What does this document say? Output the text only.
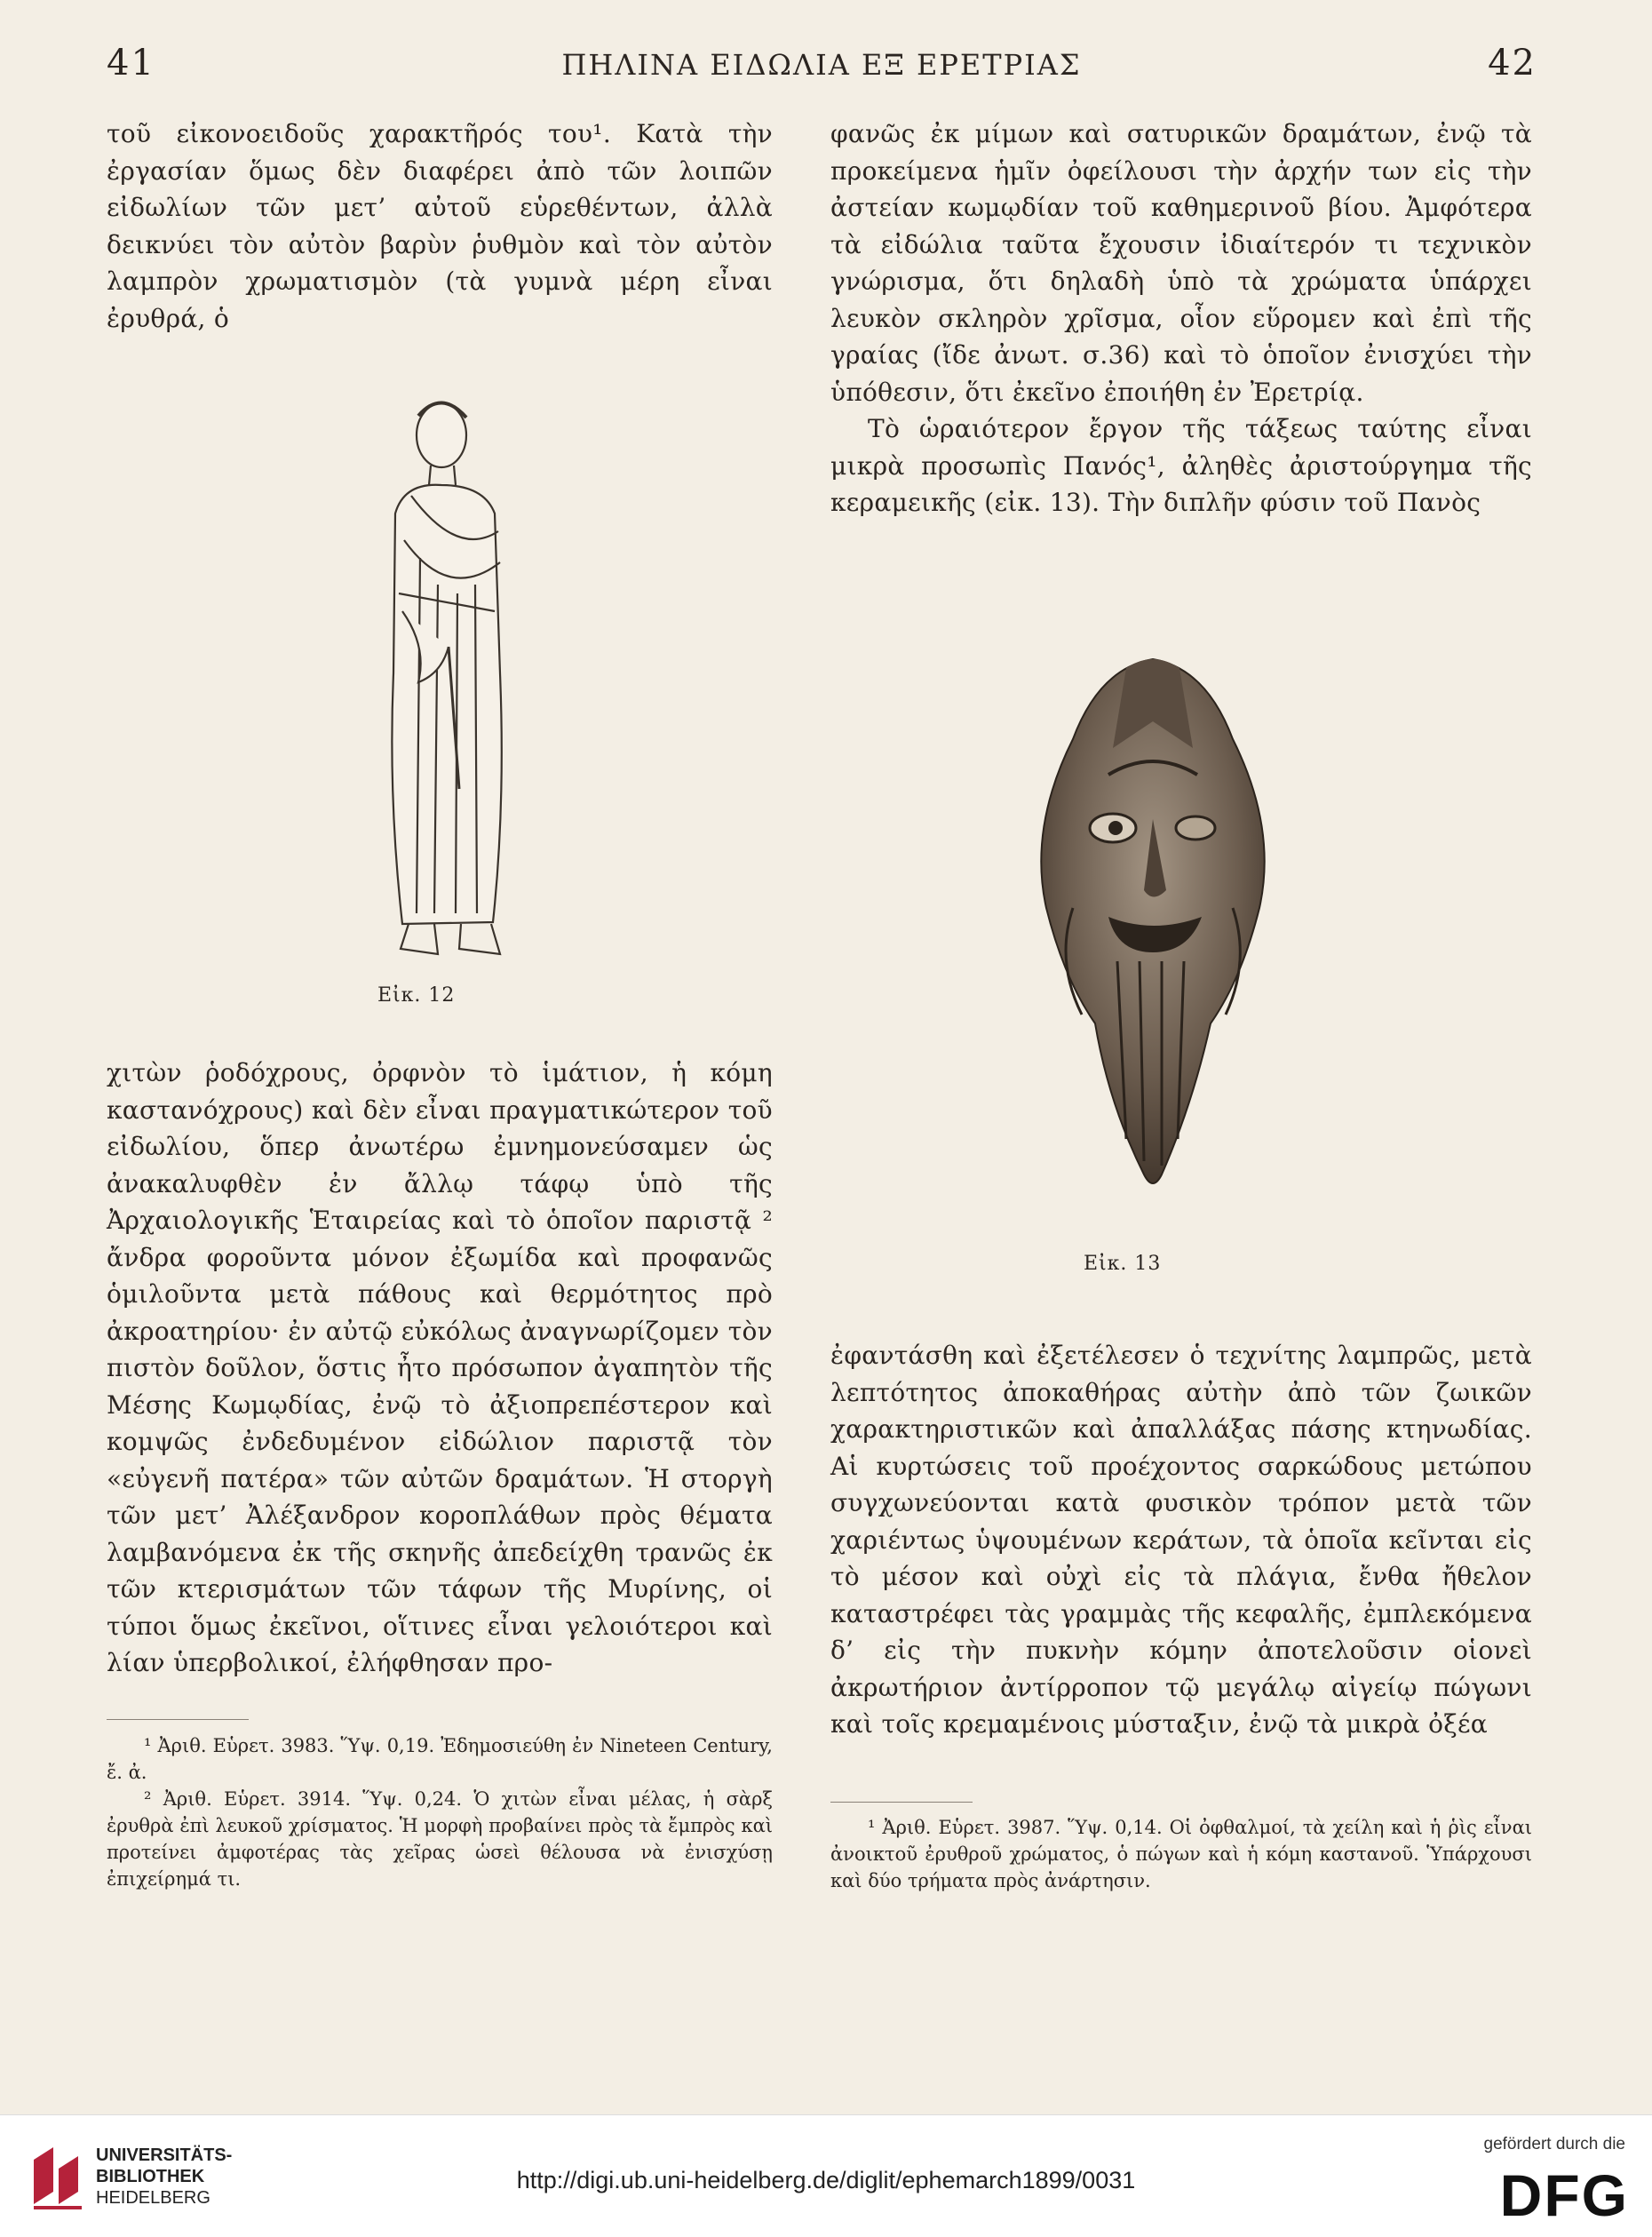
41	ΠΗΛΙΝΑ ΕΙΔΩΛΙΑ ΕΞ ΕΡΕΤΡΙΑΣ	42

τοῦ εἰκονοειδοῦς χαρακτῆρός του¹. Κατὰ τὴν ἐργασίαν ὅμως δὲν διαφέρει ἀπὸ τῶν λοιπῶν εἰδωλίων τῶν μετ’ αὐτοῦ εὑρεθέντων, ἀλλὰ δεικνύει τὸν αὐτὸν βαρὺν ῥυθμὸν καὶ τὸν αὐτὸν λαμπρὸν χρωματισμὸν (τὰ γυμνὰ μέρη εἶναι ἐρυθρά, ὁ

Εἰκ. 12

χιτὼν ῥοδόχρους, ὀρφνὸν τὸ ἱμάτιον, ἡ κόμη καστανόχρους) καὶ δὲν εἶναι πραγματικώτερον τοῦ εἰδωλίου, ὅπερ ἀνωτέρω ἐμνημονεύσαμεν ὡς ἀνακαλυφθὲν ἐν ἄλλῳ τάφῳ ὑπὸ τῆς Ἀρχαιολογικῆς Ἑταιρείας καὶ τὸ ὁποῖον παριστᾷ ² ἄνδρα φοροῦντα μόνον ἐξωμίδα καὶ προφανῶς ὁμιλοῦντα μετὰ πάθους καὶ θερμότητος πρὸ ἀκροατηρίου· ἐν αὐτῷ εὐκόλως ἀναγνωρίζομεν τὸν πιστὸν δοῦλον, ὅστις ἦτο πρόσωπον ἀγαπητὸν τῆς Μέσης Κωμῳδίας, ἐνῷ τὸ ἀξιοπρεπέστερον καὶ κομψῶς ἐνδεδυμένον εἰδώλιον παριστᾷ τὸν «εὐγενῆ πατέρα» τῶν αὐτῶν δραμάτων. Ἡ στοργὴ τῶν μετ’ Ἀλέξανδρον κοροπλάθων πρὸς θέματα λαμβανόμενα ἐκ τῆς σκηνῆς ἀπεδείχθη τρανῶς ἐκ τῶν κτερισμάτων τῶν τάφων τῆς Μυρίνης, οἱ τύποι ὅμως ἐκεῖνοι, οἵτινες εἶναι γελοιότεροι καὶ λίαν ὑπερβολικοί, ἐλήφθησαν προ-

¹ Ἀριθ. Εὑρετ. 3983. Ὕψ. 0,19. Ἐδημοσιεύθη ἐν Nineteen Century, ἔ. ἀ.

² Ἀριθ. Εὑρετ. 3914. Ὕψ. 0,24. Ὁ χιτὼν εἶναι μέλας, ἡ σὰρξ ἐρυθρὰ ἐπὶ λευκοῦ χρίσματος. Ἡ μορφὴ προβαίνει πρὸς τὰ ἔμπρὸς καὶ προτείνει ἀμφοτέρας τὰς χεῖρας ὡσεὶ θέλουσα νὰ ἐνισχύσῃ ἐπιχείρημά τι.

φανῶς ἐκ μίμων καὶ σατυρικῶν δραμάτων, ἐνῷ τὰ προκείμενα ἡμῖν ὀφείλουσι τὴν ἀρχήν των εἰς τὴν ἀστείαν κωμῳδίαν τοῦ καθημερινοῦ βίου. Ἀμφότερα τὰ εἰδώλια ταῦτα ἔχουσιν ἰδιαίτερόν τι τεχνικὸν γνώρισμα, ὅτι δηλαδὴ ὑπὸ τὰ χρώματα ὑπάρχει λευκὸν σκληρὸν χρῖσμα, οἷον εὕρομεν καὶ ἐπὶ τῆς γραίας (ἴδε ἀνωτ. σ.36) καὶ τὸ ὁποῖον ἐνισχύει τὴν ὑπόθεσιν, ὅτι ἐκεῖνο ἐποιήθη ἐν Ἐρετρίᾳ.

Τὸ ὡραιότερον ἔργον τῆς τάξεως ταύτης εἶναι μικρὰ προσωπὶς Πανός¹, ἀληθὲς ἀριστούργημα τῆς κεραμεικῆς (εἰκ. 13). Τὴν διπλῆν φύσιν τοῦ Πανὸς

Εἰκ. 13

ἐφαντάσθη καὶ ἐξετέλεσεν ὁ τεχνίτης λαμπρῶς, μετὰ λεπτότητος ἀποκαθήρας αὐτὴν ἀπὸ τῶν ζωικῶν χαρακτηριστικῶν καὶ ἀπαλλάξας πάσης κτηνωδίας. Αἱ κυρτώσεις τοῦ προέχοντος σαρκώδους μετώπου συγχωνεύονται κατὰ φυσικὸν τρόπον μετὰ τῶν χαριέντως ὑψουμένων κεράτων, τὰ ὁποῖα κεῖνται εἰς τὸ μέσον καὶ οὐχὶ εἰς τὰ πλάγια, ἔνθα ἤθελον καταστρέφει τὰς γραμμὰς τῆς κεφαλῆς, ἐμπλεκόμενα δ’ εἰς τὴν πυκνὴν κόμην ἀποτελοῦσιν οἱονεὶ ἀκρωτήριον ἀντίρροπον τῷ μεγάλῳ αἰγείῳ πώγωνι καὶ τοῖς κρεμαμένοις μύσταξιν, ἐνῷ τὰ μικρὰ ὀξέα

¹ Ἀριθ. Εὑρετ. 3987. Ὕψ. 0,14. Οἱ ὀφθαλμοί, τὰ χείλη καὶ ἡ ῥὶς εἶναι ἀνοικτοῦ ἐρυθροῦ χρώματος, ὁ πώγων καὶ ἡ κόμη καστανοῦ. Ὑπάρχουσι καὶ δύο τρήματα πρὸς ἀνάρτησιν.

UNIVERSITÄTS-
BIBLIOTHEK
HEIDELBERG
http://digi.ub.uni-heidelberg.de/diglit/ephemarch1899/0031
gefördert durch die
DFG
